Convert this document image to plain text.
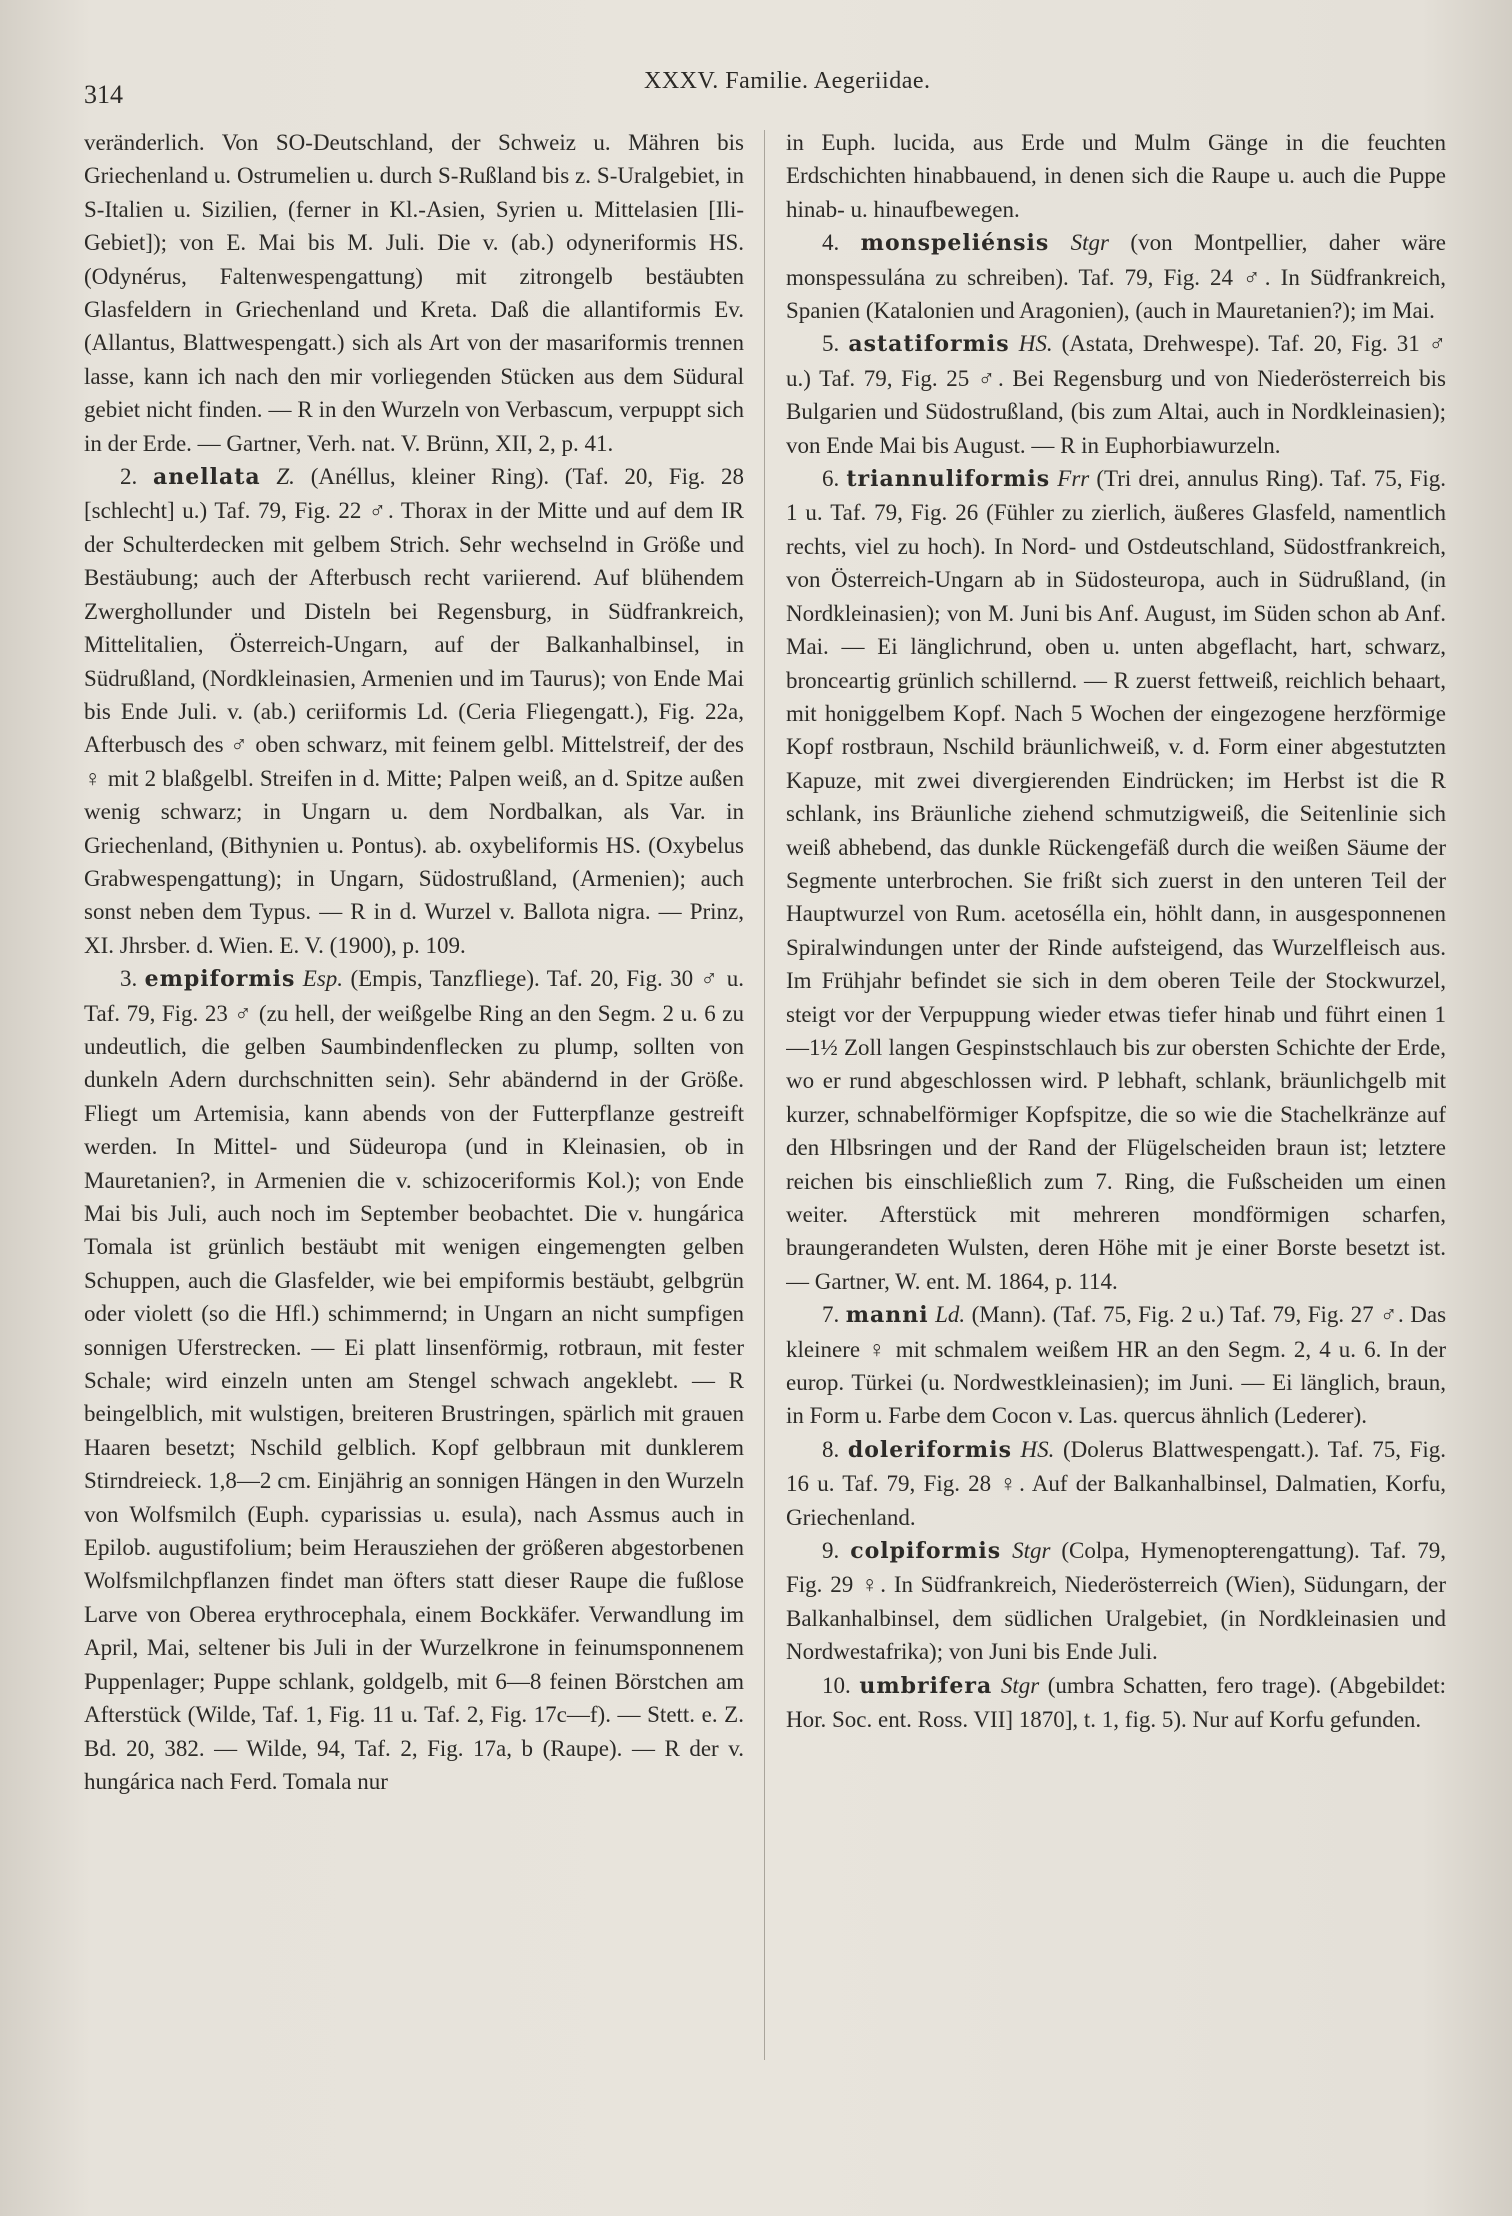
314	XXXV. Familie. Aegeriidae.

veränderlich. Von SO-Deutschland, der Schweiz u. Mähren bis Griechenland u. Ostrumelien u. durch S-Rußland bis z. S-Uralgebiet, in S-Italien u. Sizilien, (ferner in Kl.-Asien, Syrien u. Mittelasien [Ili-Gebiet]); von E. Mai bis M. Juli. Die v. (ab.) odyneriformis HS. (Odynérus, Faltenwespengattung) mit zitrongelb bestäubten Glasfeldern in Griechenland und Kreta. Daß die allantiformis Ev. (Allantus, Blattwespengatt.) sich als Art von der masariformis trennen lasse, kann ich nach den mir vorliegenden Stücken aus dem Südural gebiet nicht finden. — R in den Wurzeln von Verbascum, verpuppt sich in der Erde. — Gartner, Verh. nat. V. Brünn, XII, 2, p. 41.

2. anellata Z. (Anéllus, kleiner Ring). (Taf. 20, Fig. 28 [schlecht] u.) Taf. 79, Fig. 22 ♂. Thorax in der Mitte und auf dem IR der Schulterdecken mit gelbem Strich. Sehr wechselnd in Größe und Bestäubung; auch der Afterbusch recht variierend. Auf blühendem Zwerghollunder und Disteln bei Regensburg, in Südfrankreich, Mittelitalien, Österreich-Ungarn, auf der Balkanhalbinsel, in Südrußland, (Nordkleinasien, Armenien und im Taurus); von Ende Mai bis Ende Juli. v. (ab.) ceriiformis Ld. (Ceria Fliegengatt.), Fig. 22a, Afterbusch des ♂ oben schwarz, mit feinem gelbl. Mittelstreif, der des ♀ mit 2 blaßgelbl. Streifen in d. Mitte; Palpen weiß, an d. Spitze außen wenig schwarz; in Ungarn u. dem Nordbalkan, als Var. in Griechenland, (Bithynien u. Pontus). ab. oxybeliformis HS. (Oxybelus Grabwespengattung); in Ungarn, Südostrußland, (Armenien); auch sonst neben dem Typus. — R in d. Wurzel v. Ballota nigra. — Prinz, XI. Jhrsber. d. Wien. E. V. (1900), p. 109.

3. empiformis Esp. (Empis, Tanzfliege). Taf. 20, Fig. 30 ♂ u. Taf. 79, Fig. 23 ♂ (zu hell, der weißgelbe Ring an den Segm. 2 u. 6 zu undeutlich, die gelben Saumbindenflecken zu plump, sollten von dunkeln Adern durchschnitten sein). Sehr abändernd in der Größe. Fliegt um Artemisia, kann abends von der Futterpflanze gestreift werden. In Mittel- und Südeuropa (und in Kleinasien, ob in Mauretanien?, in Armenien die v. schizoceriformis Kol.); von Ende Mai bis Juli, auch noch im September beobachtet. Die v. hungárica Tomala ist grünlich bestäubt mit wenigen eingemengten gelben Schuppen, auch die Glasfelder, wie bei empiformis bestäubt, gelbgrün oder violett (so die Hfl.) schimmernd; in Ungarn an nicht sumpfigen sonnigen Uferstrecken. — Ei platt linsenförmig, rotbraun, mit fester Schale; wird einzeln unten am Stengel schwach angeklebt. — R beingelblich, mit wulstigen, breiteren Brustringen, spärlich mit grauen Haaren besetzt; Nschild gelblich. Kopf gelbbraun mit dunklerem Stirndreieck. 1,8—2 cm. Einjährig an sonnigen Hängen in den Wurzeln von Wolfsmilch (Euph. cyparissias u. esula), nach Assmus auch in Epilob. augustifolium; beim Herausziehen der größeren abgestorbenen Wolfsmilchpflanzen findet man öfters statt dieser Raupe die fußlose Larve von Oberea erythrocephala, einem Bockkäfer. Verwandlung im April, Mai, seltener bis Juli in der Wurzelkrone in feinumsponnenem Puppenlager; Puppe schlank, goldgelb, mit 6—8 feinen Börstchen am Afterstück (Wilde, Taf. 1, Fig. 11 u. Taf. 2, Fig. 17c—f). — Stett. e. Z. Bd. 20, 382. — Wilde, 94, Taf. 2, Fig. 17a, b (Raupe). — R der v. hungárica nach Ferd. Tomala nur

in Euph. lucida, aus Erde und Mulm Gänge in die feuchten Erdschichten hinabbauend, in denen sich die Raupe u. auch die Puppe hinab- u. hinaufbewegen.

4. monspeliénsis Stgr (von Montpellier, daher wäre monspessulána zu schreiben). Taf. 79, Fig. 24 ♂. In Südfrankreich, Spanien (Katalonien und Aragonien), (auch in Mauretanien?); im Mai.

5. astatiformis HS. (Astata, Drehwespe). Taf. 20, Fig. 31 ♂ u.) Taf. 79, Fig. 25 ♂. Bei Regensburg und von Niederösterreich bis Bulgarien und Südostrußland, (bis zum Altai, auch in Nordkleinasien); von Ende Mai bis August. — R in Euphorbiawurzeln.

6. triannuliformis Frr (Tri drei, annulus Ring). Taf. 75, Fig. 1 u. Taf. 79, Fig. 26 (Fühler zu zierlich, äußeres Glasfeld, namentlich rechts, viel zu hoch). In Nord- und Ostdeutschland, Südostfrankreich, von Österreich-Ungarn ab in Südosteuropa, auch in Südrußland, (in Nordkleinasien); von M. Juni bis Anf. August, im Süden schon ab Anf. Mai. — Ei länglichrund, oben u. unten abgeflacht, hart, schwarz, bronceartig grünlich schillernd. — R zuerst fettweiß, reichlich behaart, mit honiggelbem Kopf. Nach 5 Wochen der eingezogene herzförmige Kopf rostbraun, Nschild bräunlichweiß, v. d. Form einer abgestutzten Kapuze, mit zwei divergierenden Eindrücken; im Herbst ist die R schlank, ins Bräunliche ziehend schmutzigweiß, die Seitenlinie sich weiß abhebend, das dunkle Rückengefäß durch die weißen Säume der Segmente unterbrochen. Sie frißt sich zuerst in den unteren Teil der Hauptwurzel von Rum. acetosélla ein, höhlt dann, in ausgesponnenen Spiralwindungen unter der Rinde aufsteigend, das Wurzelfleisch aus. Im Frühjahr befindet sie sich in dem oberen Teile der Stockwurzel, steigt vor der Verpuppung wieder etwas tiefer hinab und führt einen 1—1½ Zoll langen Gespinstschlauch bis zur obersten Schichte der Erde, wo er rund abgeschlossen wird. P lebhaft, schlank, bräunlichgelb mit kurzer, schnabelförmiger Kopfspitze, die so wie die Stachelkränze auf den Hlbsringen und der Rand der Flügelscheiden braun ist; letztere reichen bis einschließlich zum 7. Ring, die Fußscheiden um einen weiter. Afterstück mit mehreren mondförmigen scharfen, braungerandeten Wulsten, deren Höhe mit je einer Borste besetzt ist. — Gartner, W. ent. M. 1864, p. 114.

7. manni Ld. (Mann). (Taf. 75, Fig. 2 u.) Taf. 79, Fig. 27 ♂. Das kleinere ♀ mit schmalem weißem HR an den Segm. 2, 4 u. 6. In der europ. Türkei (u. Nordwestkleinasien); im Juni. — Ei länglich, braun, in Form u. Farbe dem Cocon v. Las. quercus ähnlich (Lederer).

8. doleriformis HS. (Dolerus Blattwespengatt.). Taf. 75, Fig. 16 u. Taf. 79, Fig. 28 ♀. Auf der Balkanhalbinsel, Dalmatien, Korfu, Griechenland.

9. colpiformis Stgr (Colpa, Hymenopterengattung). Taf. 79, Fig. 29 ♀. In Südfrankreich, Niederösterreich (Wien), Südungarn, der Balkanhalbinsel, dem südlichen Uralgebiet, (in Nordkleinasien und Nordwestafrika); von Juni bis Ende Juli.

10. umbrifera Stgr (umbra Schatten, fero trage). (Abgebildet: Hor. Soc. ent. Ross. VII] 1870], t. 1, fig. 5). Nur auf Korfu gefunden.
